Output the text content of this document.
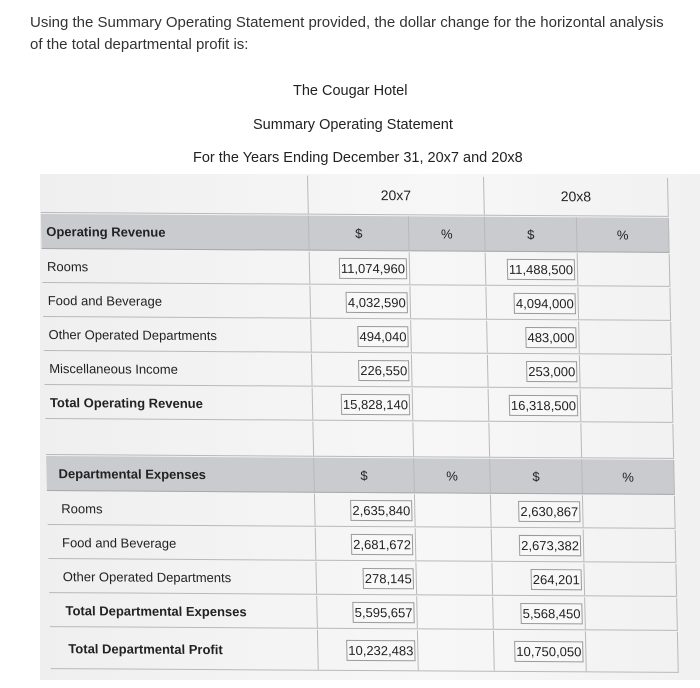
Using the Summary Operating Statement provided, the dollar change for the horizontal analysis of the total departmental profit is:
The Cougar Hotel
Summary Operating Statement
For the Years Ending December 31, 20x7 and 20x8
20x7	20x8
Operating Revenue	$	%	$	%
Rooms	11,074,960	11,488,500
Food and Beverage	4,032,590	4,094,000
Other Operated Departments	494,040	483,000
Miscellaneous Income	226,550	253,000
Total Operating Revenue	15,828,140	16,318,500
Departmental Expenses	$	%	$	%
Rooms	2,635,840	2,630,867
Food and Beverage	2,681,672	2,673,382
Other Operated Departments	278,145	264,201
Total Departmental Expenses	5,595,657	5,568,450
Total Departmental Profit	10,232,483	10,750,050
